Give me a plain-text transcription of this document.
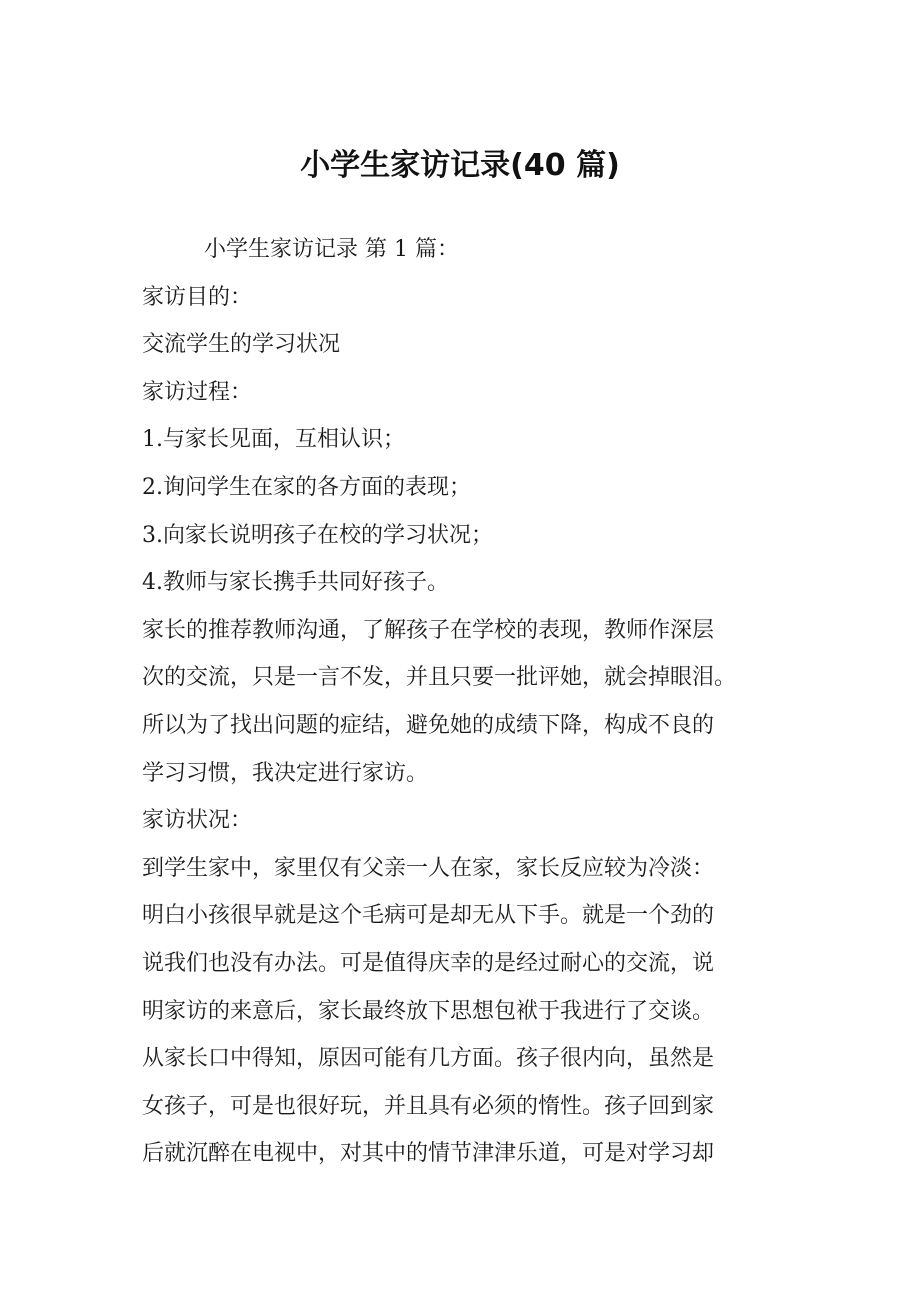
小学生家访记录(40 篇)
小学生家访记录 第 1 篇：
家访目的：
交流学生的学习状况
家访过程：
1.与家长见面，互相认识；
2.询问学生在家的各方面的表现；
3.向家长说明孩子在校的学习状况；
4.教师与家长携手共同好孩子。
家长的推荐教师沟通，了解孩子在学校的表现，教师作深层
次的交流，只是一言不发，并且只要一批评她，就会掉眼泪。
所以为了找出问题的症结，避免她的成绩下降，构成不良的
学习习惯，我决定进行家访。
家访状况：
到学生家中，家里仅有父亲一人在家，家长反应较为冷淡：
明白小孩很早就是这个毛病可是却无从下手。就是一个劲的
说我们也没有办法。可是值得庆幸的是经过耐心的交流，说
明家访的来意后，家长最终放下思想包袱于我进行了交谈。
从家长口中得知，原因可能有几方面。孩子很内向，虽然是
女孩子，可是也很好玩，并且具有必须的惰性。孩子回到家
后就沉醉在电视中，对其中的情节津津乐道，可是对学习却
